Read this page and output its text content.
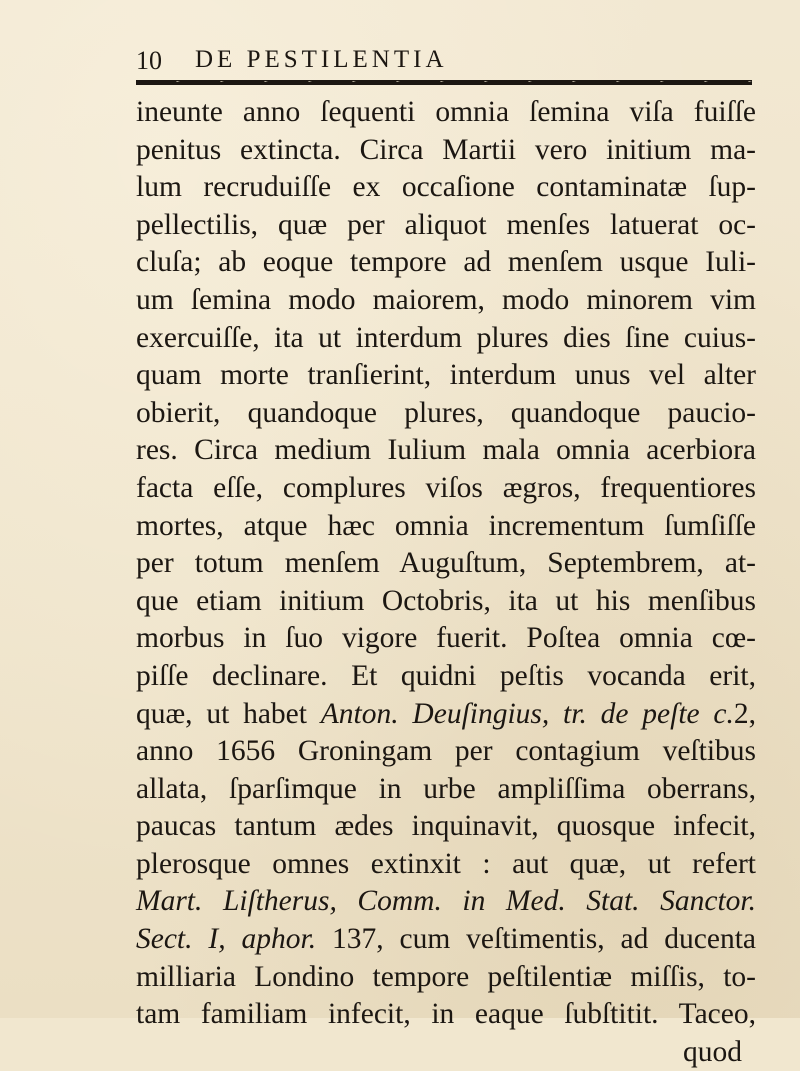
10 DE PESTILENTIA
ineunte anno ſequenti omnia ſemina viſa fuiſſe
penitus extincta. Circa Martii vero initium ma-
lum recruduiſſe ex occaſione contaminatæ ſup-
pellectilis, quæ per aliquot menſes latuerat oc-
cluſa; ab eoque tempore ad menſem usque Iuli-
um ſemina modo maiorem, modo minorem vim
exercuiſſe, ita ut interdum plures dies ſine cuius-
quam morte tranſierint, interdum unus vel alter
obierit, quandoque plures, quandoque paucio-
res. Circa medium Iulium mala omnia acerbiora
facta eſſe, complures viſos ægros, frequentiores
mortes, atque hæc omnia incrementum ſumſiſſe
per totum menſem Auguſtum, Septembrem, at-
que etiam initium Octobris, ita ut his menſibus
morbus in ſuo vigore fuerit. Poſtea omnia cœ-
piſſe declinare. Et quidni peſtis vocanda erit,
quæ, ut habet Anton. Deuſingius, tr. de peſte c.2,
anno 1656 Groningam per contagium veſtibus
allata, ſparſimque in urbe ampliſſima oberrans,
paucas tantum ædes inquinavit, quosque infecit,
plerosque omnes extinxit : aut quæ, ut refert
Mart. Liſtherus, Comm. in Med. Stat. Sanctor.
Sect. I, aphor. 137, cum veſtimentis, ad ducenta
milliaria Londino tempore peſtilentiæ miſſis, to-
tam familiam infecit, in eaque ſubſtitit. Taceo,
quod
